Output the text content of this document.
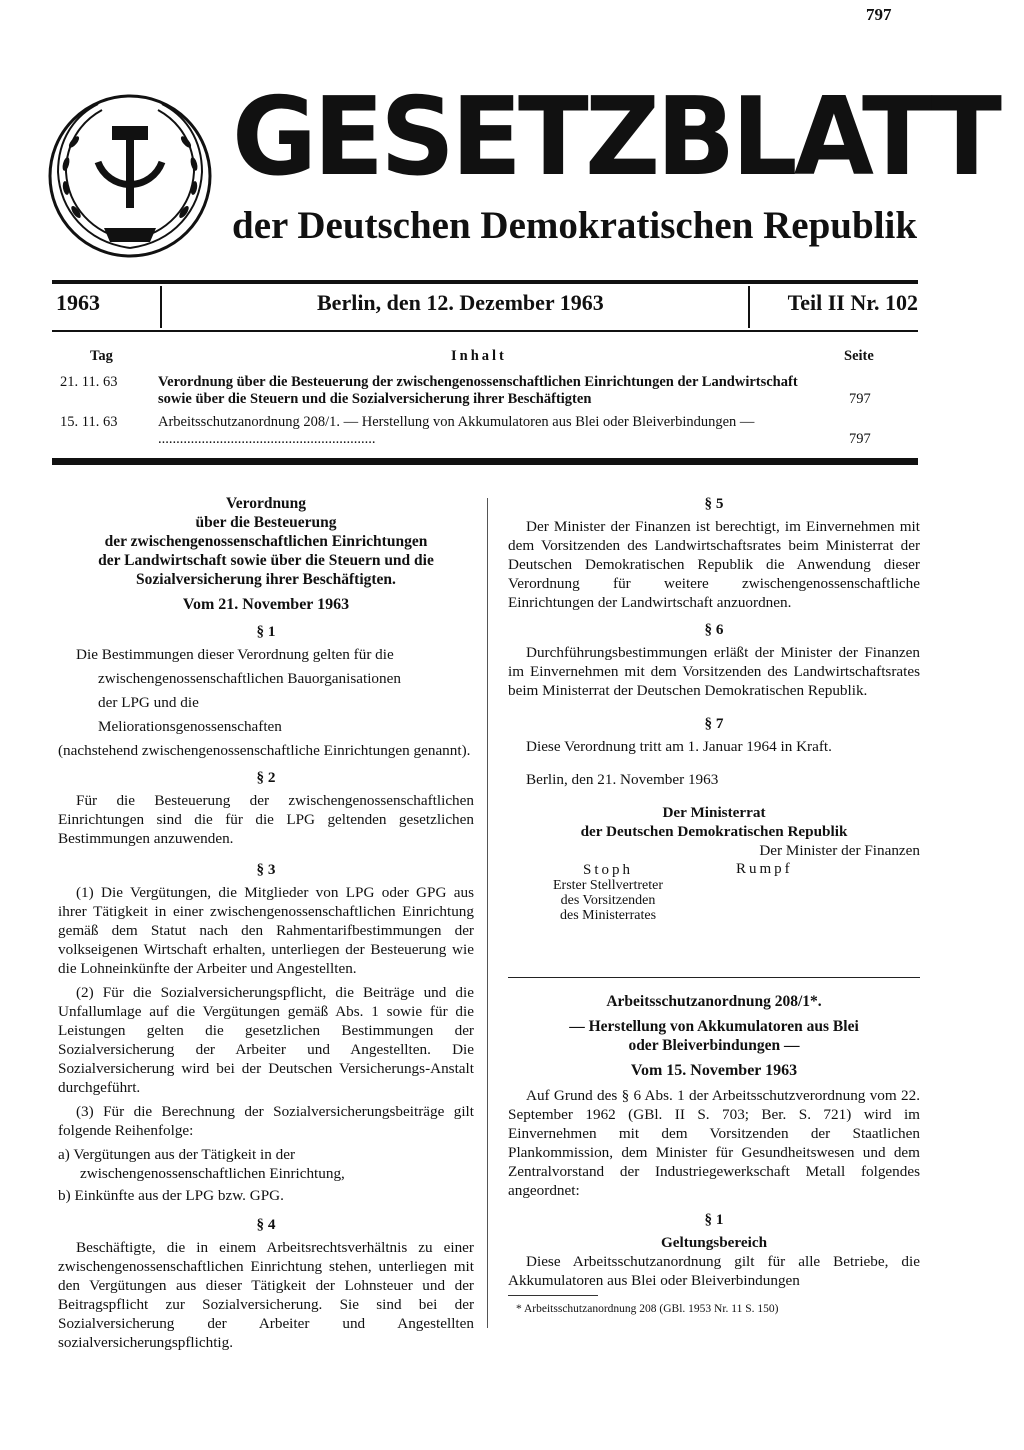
797
GESETZBLATT
der Deutschen Demokratischen Republik
1963	Berlin, den 12. Dezember 1963	Teil II Nr. 102
Tag	Inhalt	Seite
21. 11. 63	Verordnung über die Besteuerung der zwischengenossenschaftlichen Einrichtungen der Landwirtschaft sowie über die Steuern und die Sozialversicherung ihrer Beschäftigten	797
15. 11. 63	Arbeitsschutzanordnung 208/1. — Herstellung von Akkumulatoren aus Blei oder Bleiverbindungen — ............................................................	797
Verordnung
über die Besteuerung
der zwischengenossenschaftlichen Einrichtungen
der Landwirtschaft sowie über die Steuern und die
Sozialversicherung ihrer Beschäftigten.
Vom 21. November 1963
§ 1

Die Bestimmungen dieser Verordnung gelten für die

zwischengenossenschaftlichen Bauorganisationen

der LPG und die

Meliorationsgenossenschaften

(nachstehend zwischengenossenschaftliche Einrichtungen genannt).

§ 2

Für die Besteuerung der zwischengenossenschaftlichen Einrichtungen sind die für die LPG geltenden gesetzlichen Bestimmungen anzuwenden.

§ 3

(1) Die Vergütungen, die Mitglieder von LPG oder GPG aus ihrer Tätigkeit in einer zwischengenossenschaftlichen Einrichtung gemäß dem Statut nach den Rahmentarifbestimmungen der volkseigenen Wirtschaft erhalten, unterliegen der Besteuerung wie die Lohneinkünfte der Arbeiter und Angestellten.

(2) Für die Sozialversicherungspflicht, die Beiträge und die Unfallumlage auf die Vergütungen gemäß Abs. 1 sowie für die Leistungen gelten die gesetzlichen Bestimmungen der Sozialversicherung der Arbeiter und Angestellten. Die Sozialversicherung wird bei der Deutschen Versicherungs-Anstalt durchgeführt.

(3) Für die Berechnung der Sozialversicherungsbeiträge gilt folgende Reihenfolge:

a) Vergütungen aus der Tätigkeit in der zwischengenossenschaftlichen Einrichtung,

b) Einkünfte aus der LPG bzw. GPG.

§ 4

Beschäftigte, die in einem Arbeitsrechtsverhältnis zu einer zwischengenossenschaftlichen Einrichtung stehen, unterliegen mit den Vergütungen aus dieser Tätigkeit der Lohnsteuer und der Beitragspflicht zur Sozialversicherung. Sie sind bei der Sozialversicherung der Arbeiter und Angestellten sozialversicherungspflichtig.

§ 5

Der Minister der Finanzen ist berechtigt, im Einvernehmen mit dem Vorsitzenden des Landwirtschaftsrates beim Ministerrat der Deutschen Demokratischen Republik die Anwendung dieser Verordnung für weitere zwischengenossenschaftliche Einrichtungen der Landwirtschaft anzuordnen.

§ 6

Durchführungsbestimmungen erläßt der Minister der Finanzen im Einvernehmen mit dem Vorsitzenden des Landwirtschaftsrates beim Ministerrat der Deutschen Demokratischen Republik.

§ 7

Diese Verordnung tritt am 1. Januar 1964 in Kraft.

Berlin, den 21. November 1963

Der Ministerrat
der Deutschen Demokratischen Republik
Der Minister der Finanzen
Rumpf
Stoph
Erster Stellvertreter
des Vorsitzenden
des Ministerrates
Arbeitsschutzanordnung 208/1*.
— Herstellung von Akkumulatoren aus Blei
oder Bleiverbindungen —
Vom 15. November 1963

Auf Grund des § 6 Abs. 1 der Arbeitsschutzverordnung vom 22. September 1962 (GBl. II S. 703; Ber. S. 721) wird im Einvernehmen mit dem Vorsitzenden der Staatlichen Plankommission, dem Minister für Gesundheitswesen und dem Zentralvorstand der Industriegewerkschaft Metall folgendes angeordnet:

§ 1
Geltungsbereich

Diese Arbeitsschutzanordnung gilt für alle Betriebe, die Akkumulatoren aus Blei oder Bleiverbindungen

* Arbeitsschutzanordnung 208 (GBl. 1953 Nr. 11 S. 150)
